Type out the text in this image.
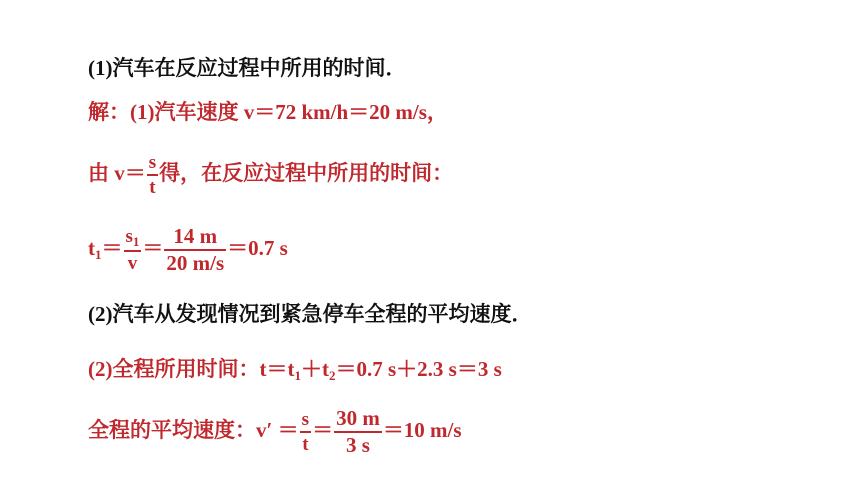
(1)汽车在反应过程中所用的时间．
解：(1)汽车速度 v＝72 km/h＝20 m/s，
由 $v= \frac{s}{t}$ 得，在反应过程中所用的时间：
$t_1= \frac{s_1}{v} = \frac{14 m}{20 m/s} =0.7$ s
(2)汽车从发现情况到紧急停车全程的平均速度．
(2)全程所用时间：$t=t_1+t_2=0.7$ s＋2.3 s＝3 s
全程的平均速度：$v' = \frac{s}{t} = \frac{30 m}{3 s} =10$ m/s
